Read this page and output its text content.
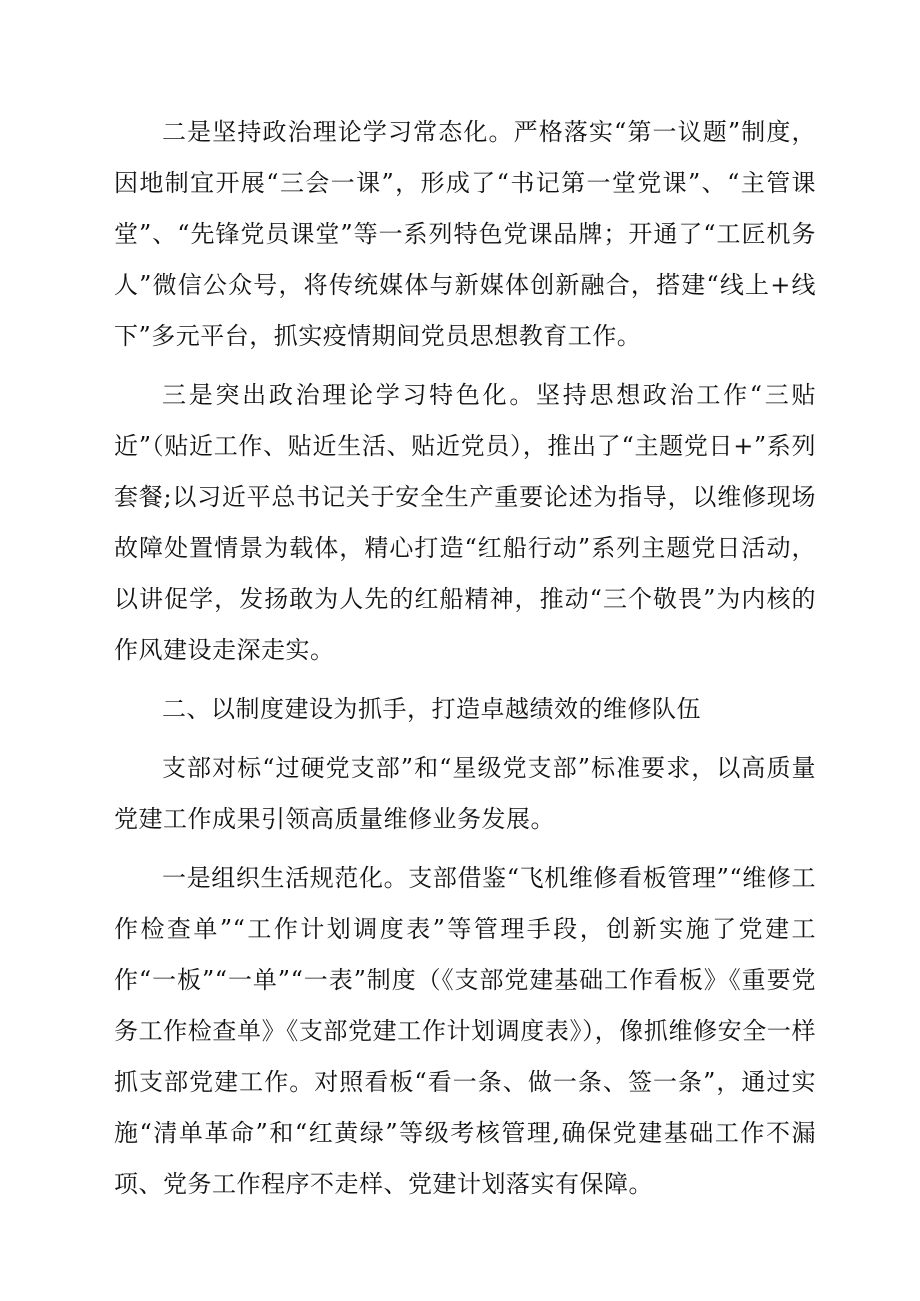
二是坚持政治理论学习常态化。严格落实“第一议题”制度，因地制宜开展“三会一课”，形成了“书记第一堂党课”、“主管课堂”、“先锋党员课堂”等一系列特色党课品牌；开通了“工匠机务人”微信公众号，将传统媒体与新媒体创新融合，搭建“线上+线下”多元平台，抓实疫情期间党员思想教育工作。

三是突出政治理论学习特色化。坚持思想政治工作“三贴近”（贴近工作、贴近生活、贴近党员），推出了“主题党日+”系列套餐;以习近平总书记关于安全生产重要论述为指导，以维修现场故障处置情景为载体，精心打造“红船行动”系列主题党日活动，以讲促学，发扬敢为人先的红船精神，推动“三个敬畏”为内核的作风建设走深走实。

二、以制度建设为抓手，打造卓越绩效的维修队伍

支部对标“过硬党支部”和“星级党支部”标准要求，以高质量党建工作成果引领高质量维修业务发展。

一是组织生活规范化。支部借鉴“飞机维修看板管理”“维修工作检查单”“工作计划调度表”等管理手段，创新实施了党建工作“一板”“一单”“一表”制度（《支部党建基础工作看板》《重要党务工作检查单》《支部党建工作计划调度表》），像抓维修安全一样抓支部党建工作。对照看板“看一条、做一条、签一条”，通过实施“清单革命”和“红黄绿”等级考核管理,确保党建基础工作不漏项、党务工作程序不走样、党建计划落实有保障。
